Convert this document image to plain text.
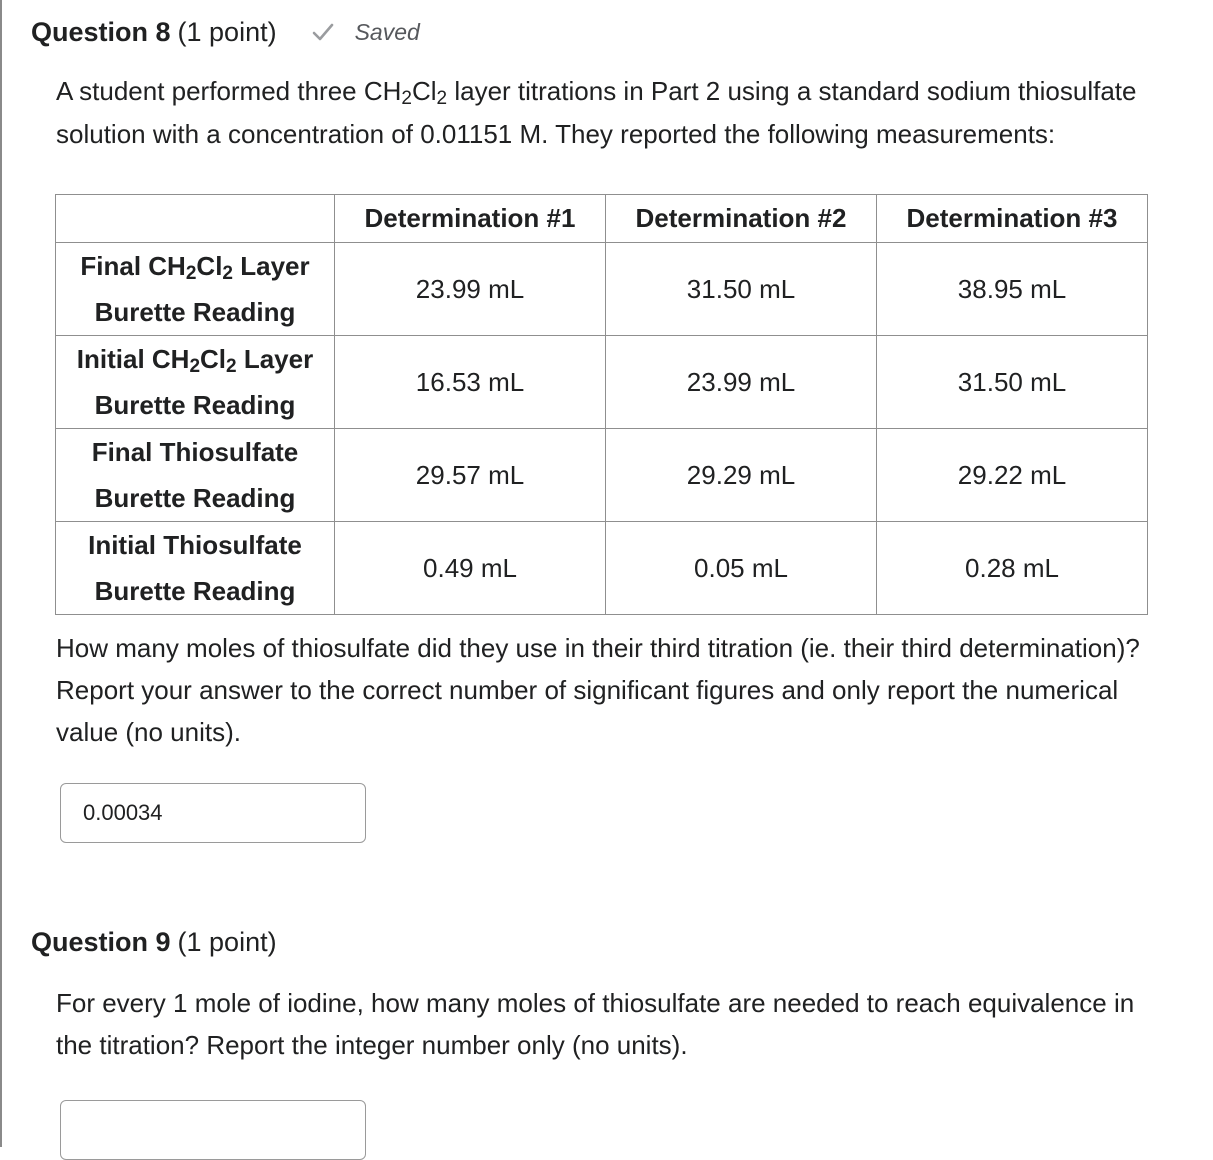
Question 8 (1 point)	Saved
A student performed three $CH_2Cl_2$ layer titrations in Part 2 using a standard sodium thiosulfate solution with a concentration of 0.01151 M. They reported the following measurements:
	Determination #1	Determination #2	Determination #3
Final $CH_2Cl_2$ Layer
Burette Reading	23.99 mL	31.50 mL	38.95 mL
Initial $CH_2Cl_2$ Layer
Burette Reading	16.53 mL	23.99 mL	31.50 mL
Final Thiosulfate
Burette Reading	29.57 mL	29.29 mL	29.22 mL
Initial Thiosulfate
Burette Reading	0.49 mL	0.05 mL	0.28 mL
How many moles of thiosulfate did they use in their third titration (ie. their third determination)? Report your answer to the correct number of significant figures and only report the numerical value (no units).
0.00034
Question 9 (1 point)
For every 1 mole of iodine, how many moles of thiosulfate are needed to reach equivalence in the titration? Report the integer number only (no units).
